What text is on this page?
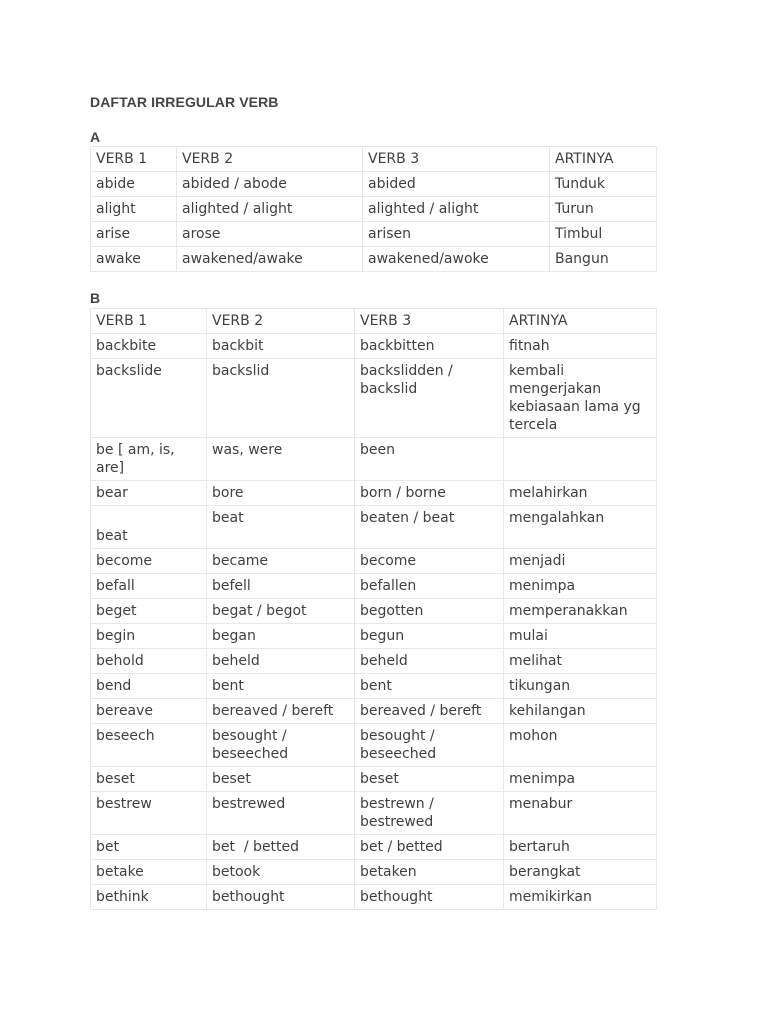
DAFTAR IRREGULAR VERB
A
VERB 1	VERB 2	VERB 3	ARTINYA
abide	abided / abode	abided	Tunduk
alight	alighted / alight	alighted / alight	Turun
arise	arose	arisen	Timbul
awake	awakened/awake	awakened/awoke	Bangun
B
VERB 1	VERB 2	VERB 3	ARTINYA
backbite	backbit	backbitten	fitnah
backslide	backslid	backslidden / backslid	kembali mengerjakan kebiasaan lama yg tercela
be [ am, is, are]	was, were	been	
bear	bore	born / borne	melahirkan
beat	beat	beaten / beat	mengalahkan
become	became	become	menjadi
befall	befell	befallen	menimpa
beget	begat / begot	begotten	memperanakkan
begin	began	begun	mulai
behold	beheld	beheld	melihat
bend	bent	bent	tikungan
bereave	bereaved / bereft	bereaved / bereft	kehilangan
beseech	besought / beseeched	besought / beseeched	mohon
beset	beset	beset	menimpa
bestrew	bestrewed	bestrewn / bestrewed	menabur
bet	bet  / betted	bet / betted	bertaruh
betake	betook	betaken	berangkat
bethink	bethought	bethought	memikirkan
